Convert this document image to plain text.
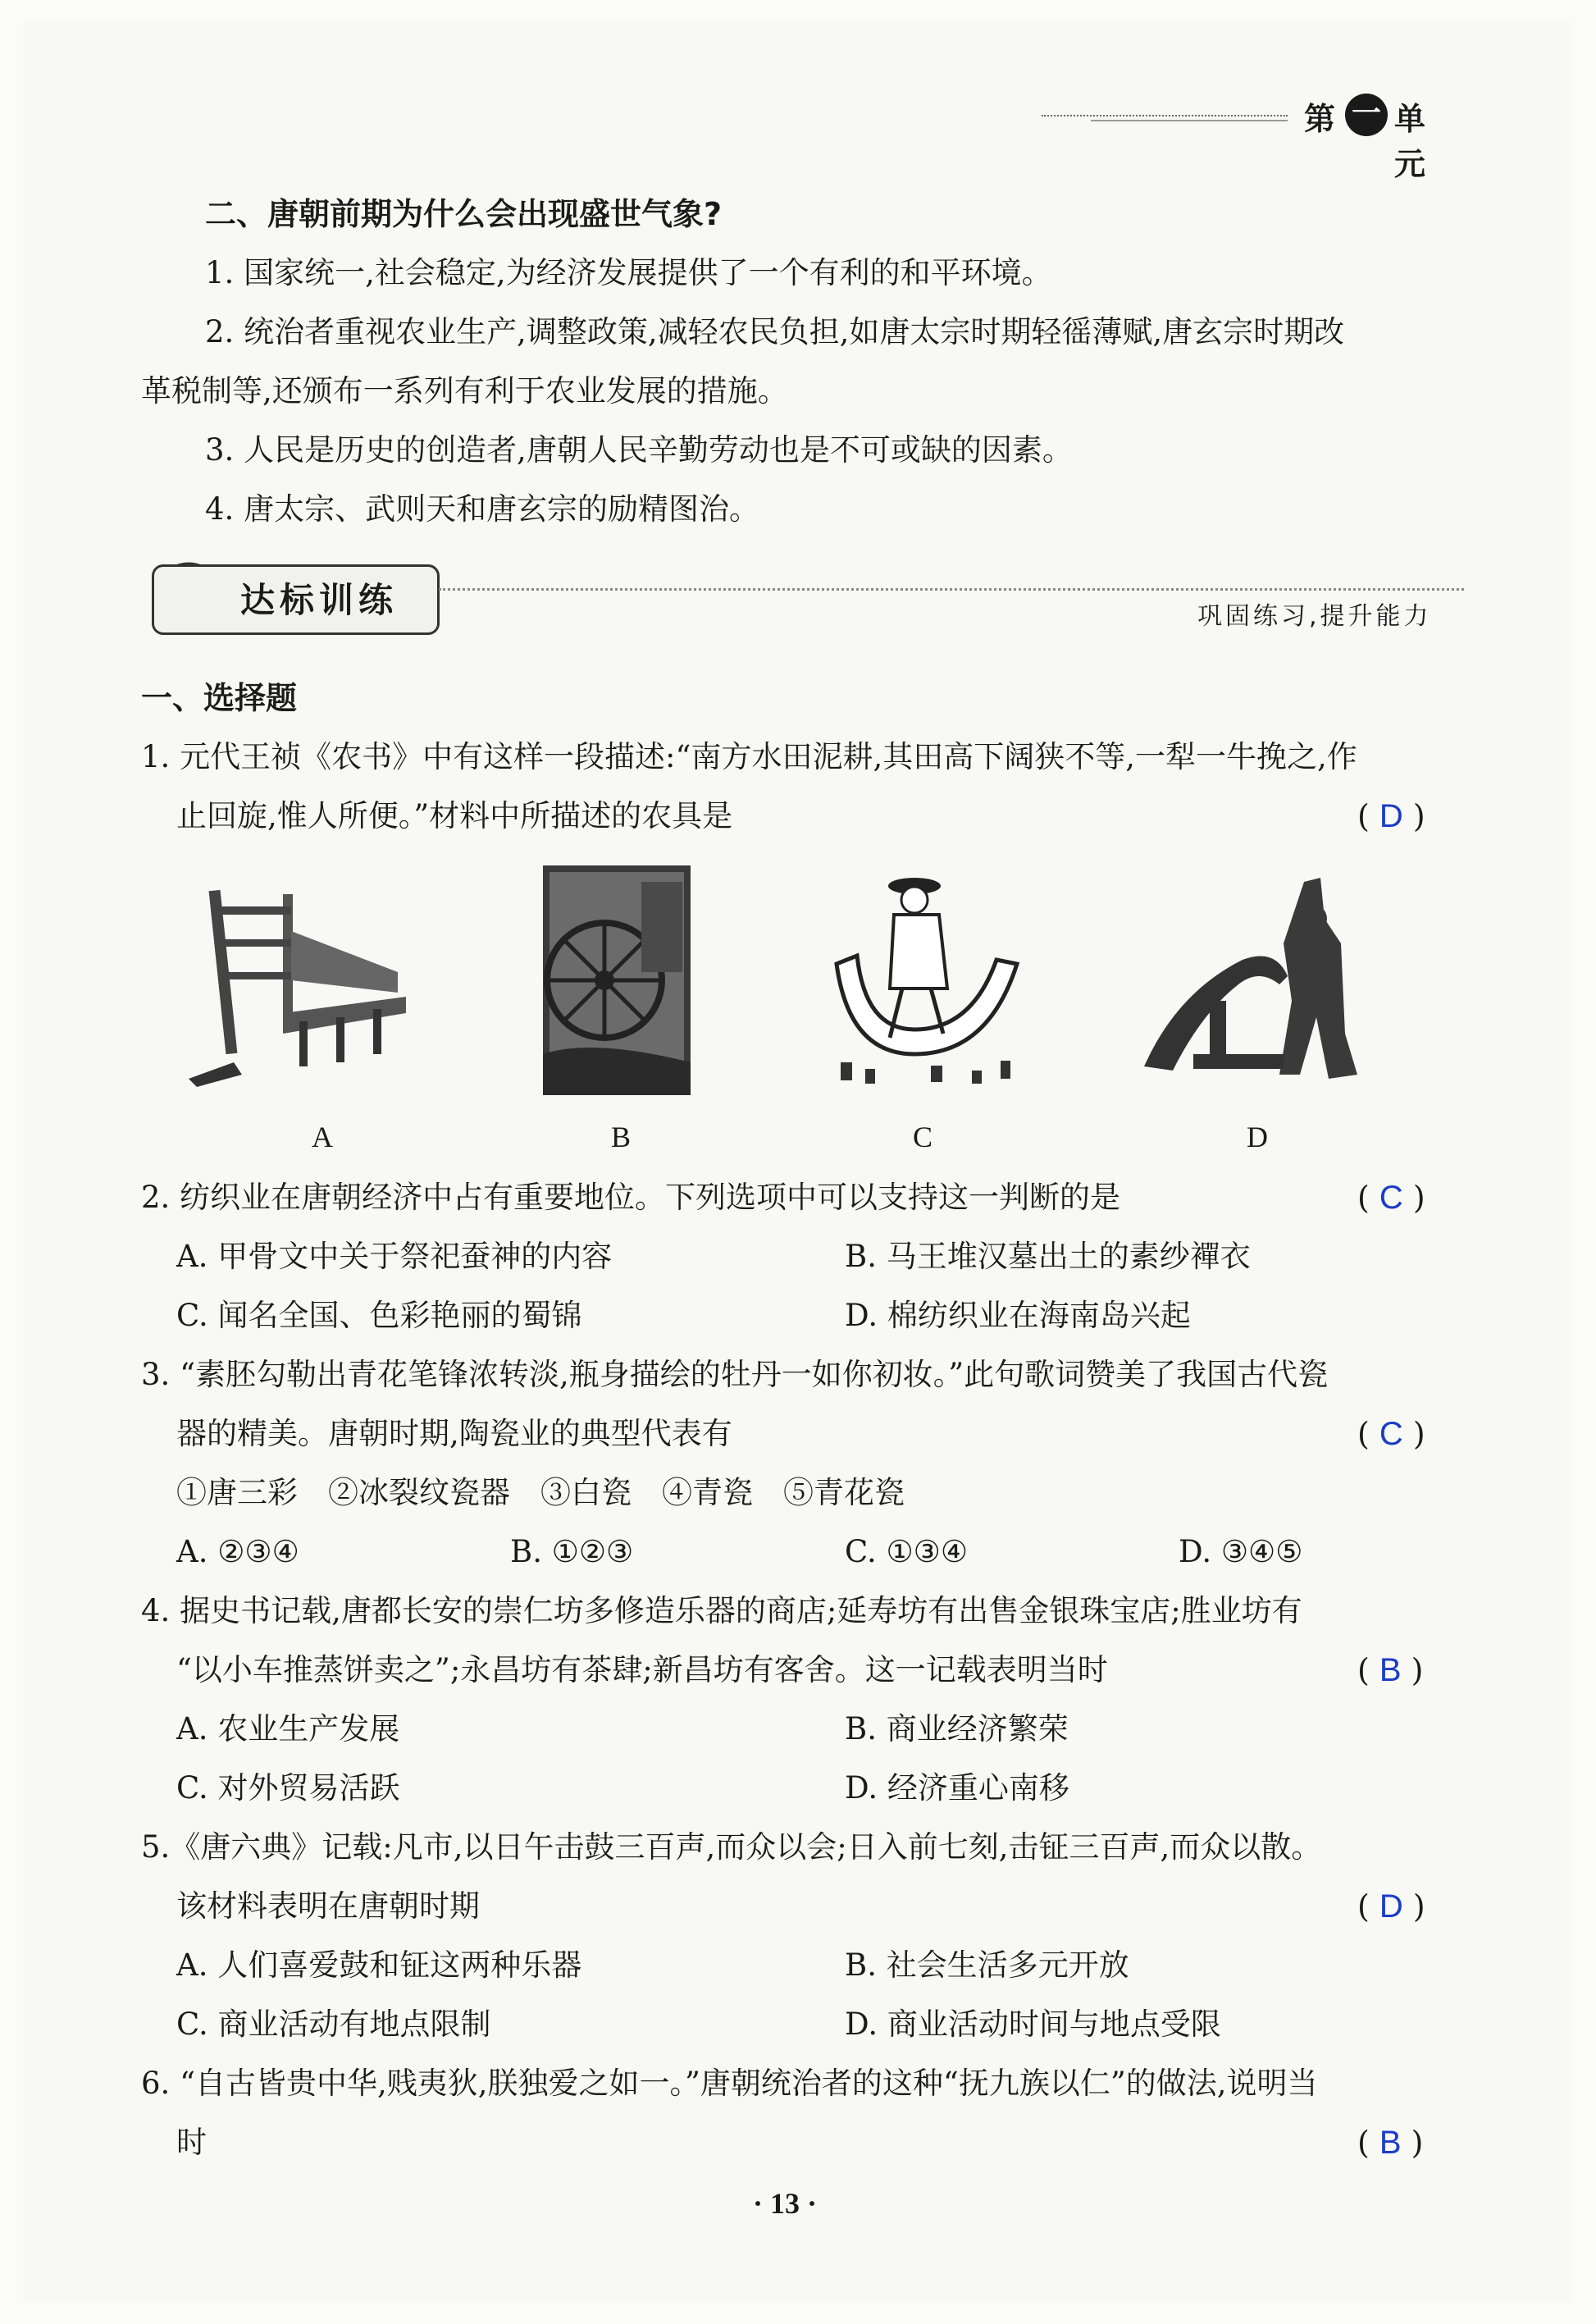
第 一 单元
二、唐朝前期为什么会出现盛世气象?
1. 国家统一,社会稳定,为经济发展提供了一个有利的和平环境。
2. 统治者重视农业生产,调整政策,减轻农民负担,如唐太宗时期轻徭薄赋,唐玄宗时期改
革税制等,还颁布一系列有利于农业发展的措施。
3. 人民是历史的创造者,唐朝人民辛勤劳动也是不可或缺的因素。
4. 唐太宗、武则天和唐玄宗的励精图治。
达标训练	巩固练习,提升能力
一、选择题
1. 元代王祯《农书》中有这样一段描述:“南方水田泥耕,其田高下阔狭不等,一犁一牛挽之,作
止回旋,惟人所便。”材料中所描述的农具是	( D )
A	B	C	D
2. 纺织业在唐朝经济中占有重要地位。下列选项中可以支持这一判断的是	( C )
A. 甲骨文中关于祭祀蚕神的内容	B. 马王堆汉墓出土的素纱襌衣
C. 闻名全国、色彩艳丽的蜀锦	D. 棉纺织业在海南岛兴起
3. “素胚勾勒出青花笔锋浓转淡,瓶身描绘的牡丹一如你初妆。”此句歌词赞美了我国古代瓷
器的精美。唐朝时期,陶瓷业的典型代表有	( C )
①唐三彩　②冰裂纹瓷器　③白瓷　④青瓷　⑤青花瓷
A. ②③④	B. ①②③	C. ①③④	D. ③④⑤
4. 据史书记载,唐都长安的崇仁坊多修造乐器的商店;延寿坊有出售金银珠宝店;胜业坊有
“以小车推蒸饼卖之”;永昌坊有茶肆;新昌坊有客舍。这一记载表明当时	( B )
A. 农业生产发展	B. 商业经济繁荣
C. 对外贸易活跃	D. 经济重心南移
5.《唐六典》记载:凡市,以日午击鼓三百声,而众以会;日入前七刻,击钲三百声,而众以散。
该材料表明在唐朝时期	( D )
A. 人们喜爱鼓和钲这两种乐器	B. 社会生活多元开放
C. 商业活动有地点限制	D. 商业活动时间与地点受限
6. “自古皆贵中华,贱夷狄,朕独爱之如一。”唐朝统治者的这种“抚九族以仁”的做法,说明当
时	( B )
· 13 ·
